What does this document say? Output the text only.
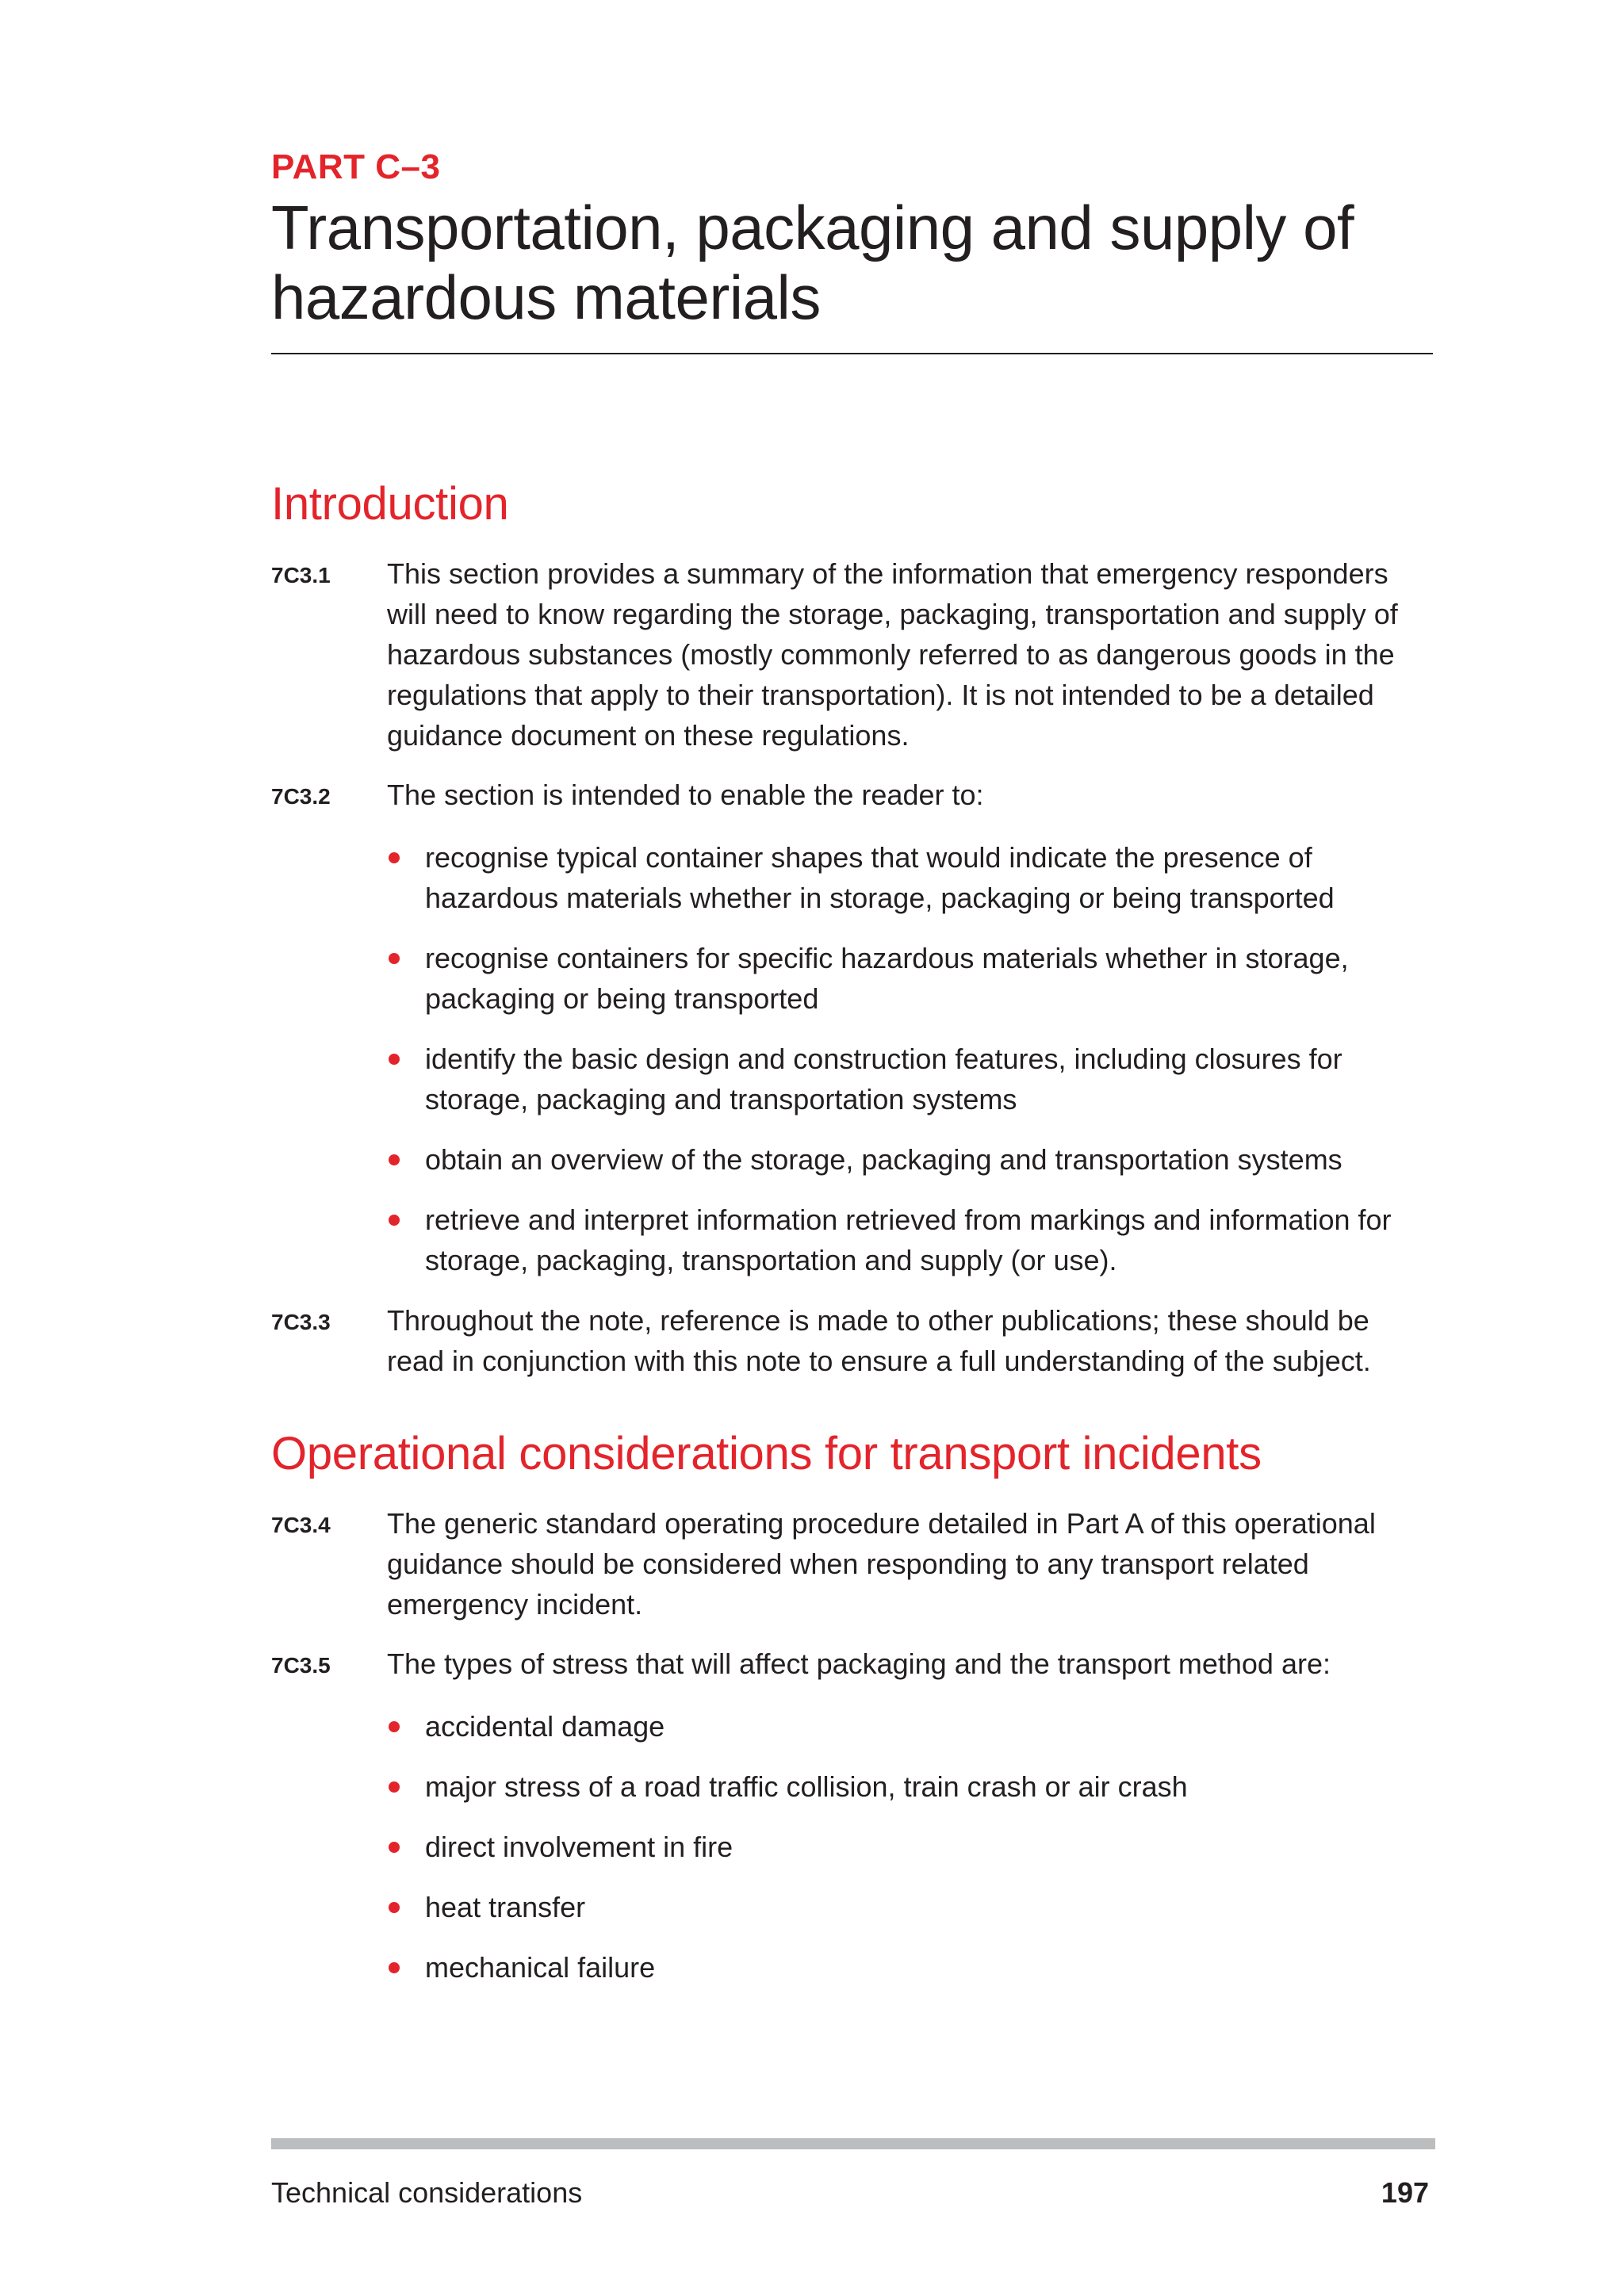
PART C–3

Transportation, packaging and supply of
hazardous materials
Introduction
7C3.1	This section provides a summary of the information that emergency responders will need to know regarding the storage, packaging, transportation and supply of hazardous substances (mostly commonly referred to as dangerous goods in the regulations that apply to their transportation). It is not intended to be a detailed guidance document on these regulations.
7C3.2	The section is intended to enable the reader to:
recognise typical container shapes that would indicate the presence of hazardous materials whether in storage, packaging or being transported
recognise containers for specific hazardous materials whether in storage, packaging or being transported
identify the basic design and construction features, including closures for storage, packaging and transportation systems
obtain an overview of the storage, packaging and transportation systems
retrieve and interpret information retrieved from markings and information for storage, packaging, transportation and supply (or use).
7C3.3	Throughout the note, reference is made to other publications; these should be read in conjunction with this note to ensure a full understanding of the subject.
Operational considerations for transport incidents
7C3.4	The generic standard operating procedure detailed in Part A of this operational guidance should be considered when responding to any transport related emergency incident.
7C3.5	The types of stress that will affect packaging and the transport method are:
accidental damage
major stress of a road traffic collision, train crash or air crash
direct involvement in fire
heat transfer
mechanical failure
Technical considerations	197
